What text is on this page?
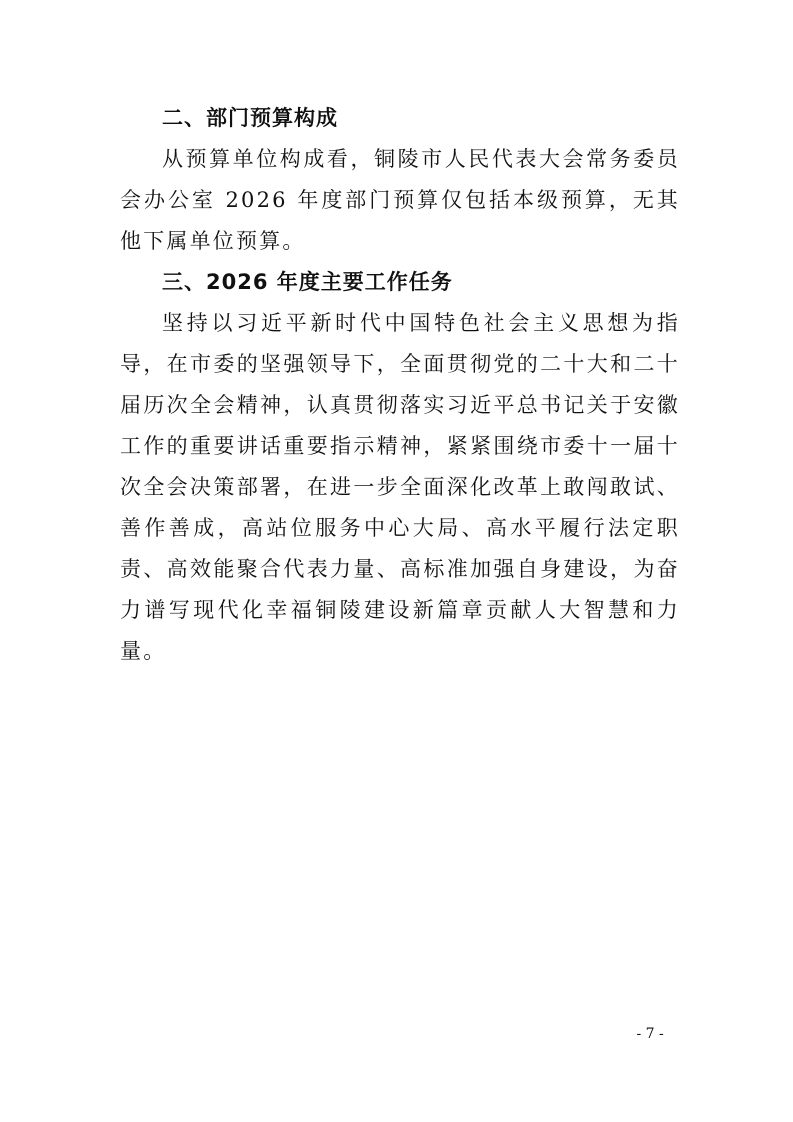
二、部门预算构成

从预算单位构成看，铜陵市人民代表大会常务委员会办公室 2026 年度部门预算仅包括本级预算，无其他下属单位预算。

三、2026 年度主要工作任务

坚持以习近平新时代中国特色社会主义思想为指导，在市委的坚强领导下，全面贯彻党的二十大和二十届历次全会精神，认真贯彻落实习近平总书记关于安徽工作的重要讲话重要指示精神，紧紧围绕市委十一届十次全会决策部署，在进一步全面深化改革上敢闯敢试、善作善成，高站位服务中心大局、高水平履行法定职责、高效能聚合代表力量、高标准加强自身建设，为奋力谱写现代化幸福铜陵建设新篇章贡献人大智慧和力量。

- 7 -
